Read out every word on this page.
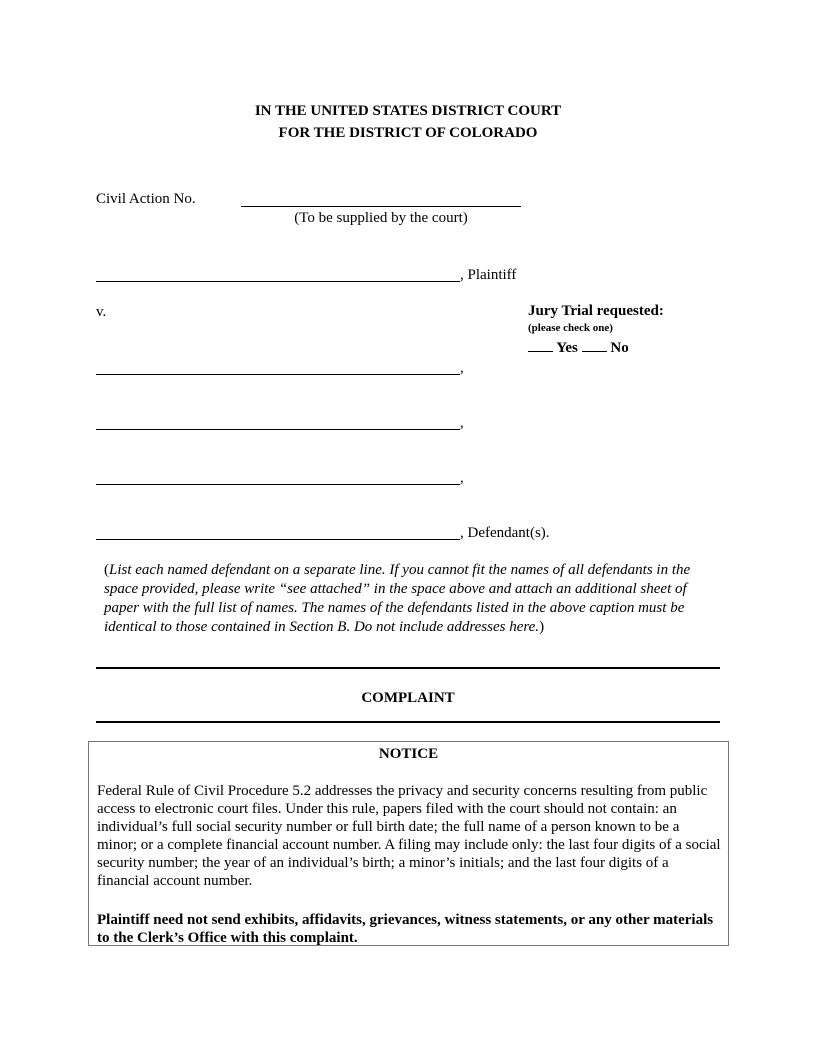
IN THE UNITED STATES DISTRICT COURT
FOR THE DISTRICT OF COLORADO
Civil Action No.
(To be supplied by the court)
, Plaintiff
v.	Jury Trial requested:
(please check one)
Yes No
,
,
,
, Defendant(s).
(List each named defendant on a separate line. If you cannot fit the names of all defendants in the space provided, please write “see attached” in the space above and attach an additional sheet of paper with the full list of names. The names of the defendants listed in the above caption must be identical to those contained in Section B. Do not include addresses here.)
COMPLAINT
NOTICE
Federal Rule of Civil Procedure 5.2 addresses the privacy and security concerns resulting from public access to electronic court files. Under this rule, papers filed with the court should not contain: an individual’s full social security number or full birth date; the full name of a person known to be a minor; or a complete financial account number. A filing may include only: the last four digits of a social security number; the year of an individual’s birth; a minor’s initials; and the last four digits of a financial account number.
Plaintiff need not send exhibits, affidavits, grievances, witness statements, or any other materials to the Clerk’s Office with this complaint.
